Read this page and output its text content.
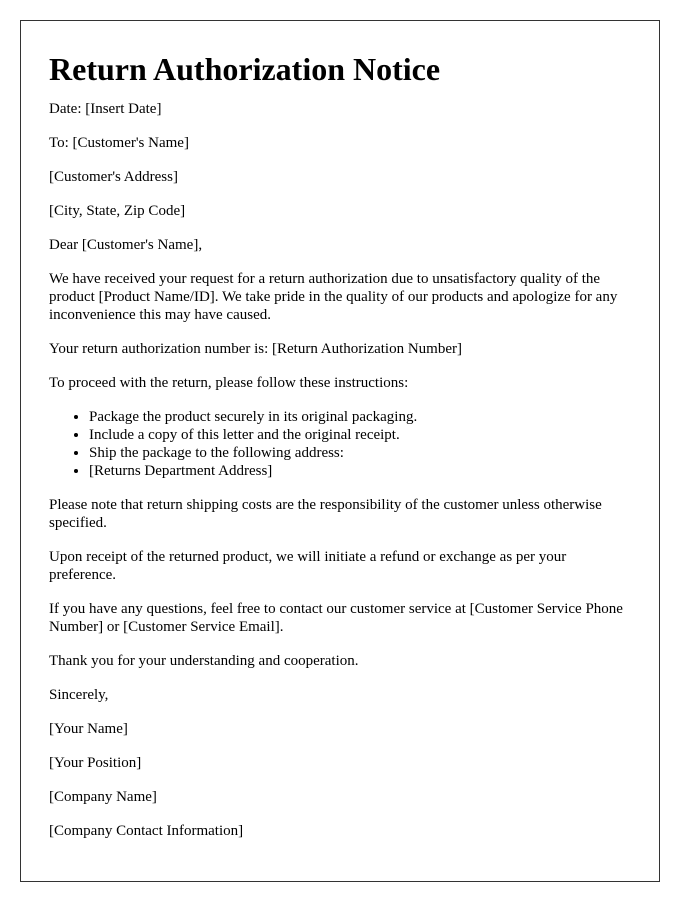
Return Authorization Notice

Date: [Insert Date]

To: [Customer's Name]

[Customer's Address]

[City, State, Zip Code]

Dear [Customer's Name],

We have received your request for a return authorization due to unsatisfactory quality of the product [Product Name/ID]. We take pride in the quality of our products and apologize for any inconvenience this may have caused.

Your return authorization number is: [Return Authorization Number]

To proceed with the return, please follow these instructions:

• Package the product securely in its original packaging.
• Include a copy of this letter and the original receipt.
• Ship the package to the following address:
• [Returns Department Address]

Please note that return shipping costs are the responsibility of the customer unless otherwise specified.

Upon receipt of the returned product, we will initiate a refund or exchange as per your preference.

If you have any questions, feel free to contact our customer service at [Customer Service Phone Number] or [Customer Service Email].

Thank you for your understanding and cooperation.

Sincerely,

[Your Name]

[Your Position]

[Company Name]

[Company Contact Information]
